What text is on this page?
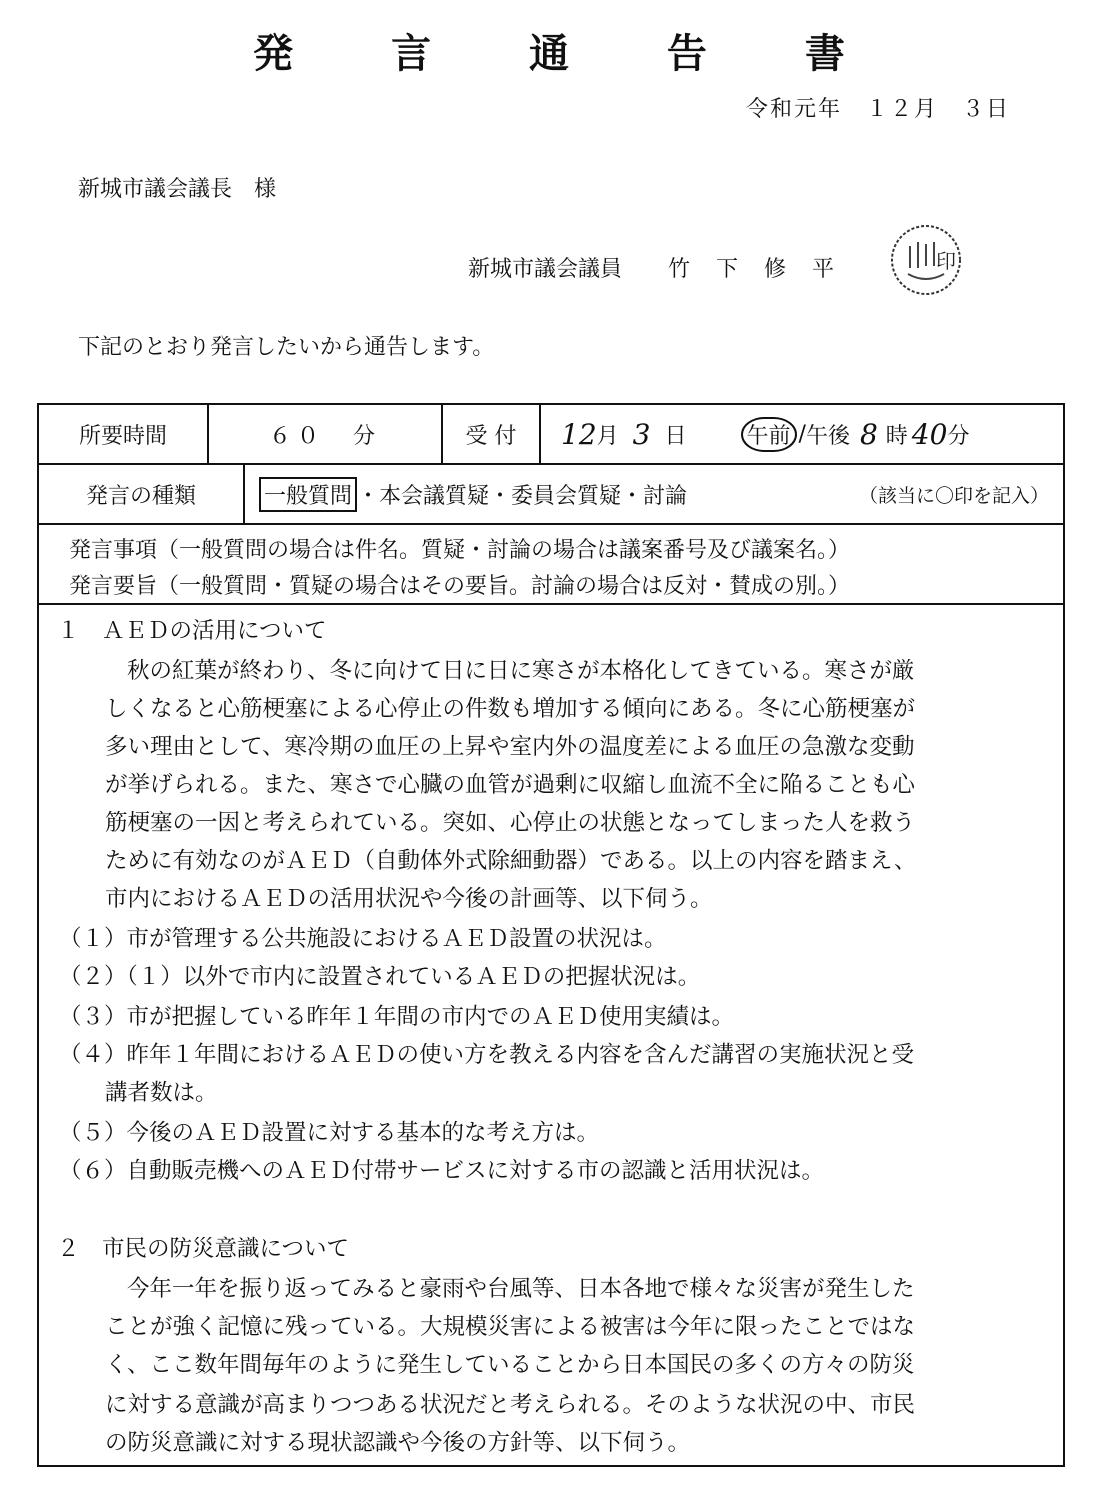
発 言 通 告 書
令和元年　１２月　３日
新城市議会議長　様
新城市議会議員 竹下修平	印
下記のとおり発言したいから通告します。
所要時間	６０　分	受 付	12 月 3 日	午前 / 午後 8 時 40 分
発言の種類	一般質問 ・本会議質疑・委員会質疑・討論	（該当に〇印を記入）
発言事項（一般質問の場合は件名。質疑・討論の場合は議案番号及び議案名。）
発言要旨（一般質問・質疑の場合はその要旨。討論の場合は反対・賛成の別。）
１　ＡＥＤの活用について
秋の紅葉が終わり、冬に向けて日に日に寒さが本格化してきている。寒さが厳
しくなると心筋梗塞による心停止の件数も増加する傾向にある。冬に心筋梗塞が
多い理由として、寒冷期の血圧の上昇や室内外の温度差による血圧の急激な変動
が挙げられる。また、寒さで心臓の血管が過剰に収縮し血流不全に陥ることも心
筋梗塞の一因と考えられている。突如、心停止の状態となってしまった人を救う
ために有効なのがＡＥＤ（自動体外式除細動器）である。以上の内容を踏まえ、
市内におけるＡＥＤの活用状況や今後の計画等、以下伺う。
（１）市が管理する公共施設におけるＡＥＤ設置の状況は。
（２）（１）以外で市内に設置されているＡＥＤの把握状況は。
（３）市が把握している昨年１年間の市内でのＡＥＤ使用実績は。
（４）昨年１年間におけるＡＥＤの使い方を教える内容を含んだ講習の実施状況と受
講者数は。
（５）今後のＡＥＤ設置に対する基本的な考え方は。
（６）自動販売機へのＡＥＤ付帯サービスに対する市の認識と活用状況は。
２　市民の防災意識について
今年一年を振り返ってみると豪雨や台風等、日本各地で様々な災害が発生した
ことが強く記憶に残っている。大規模災害による被害は今年に限ったことではな
く、ここ数年間毎年のように発生していることから日本国民の多くの方々の防災
に対する意識が高まりつつある状況だと考えられる。そのような状況の中、市民
の防災意識に対する現状認識や今後の方針等、以下伺う。
